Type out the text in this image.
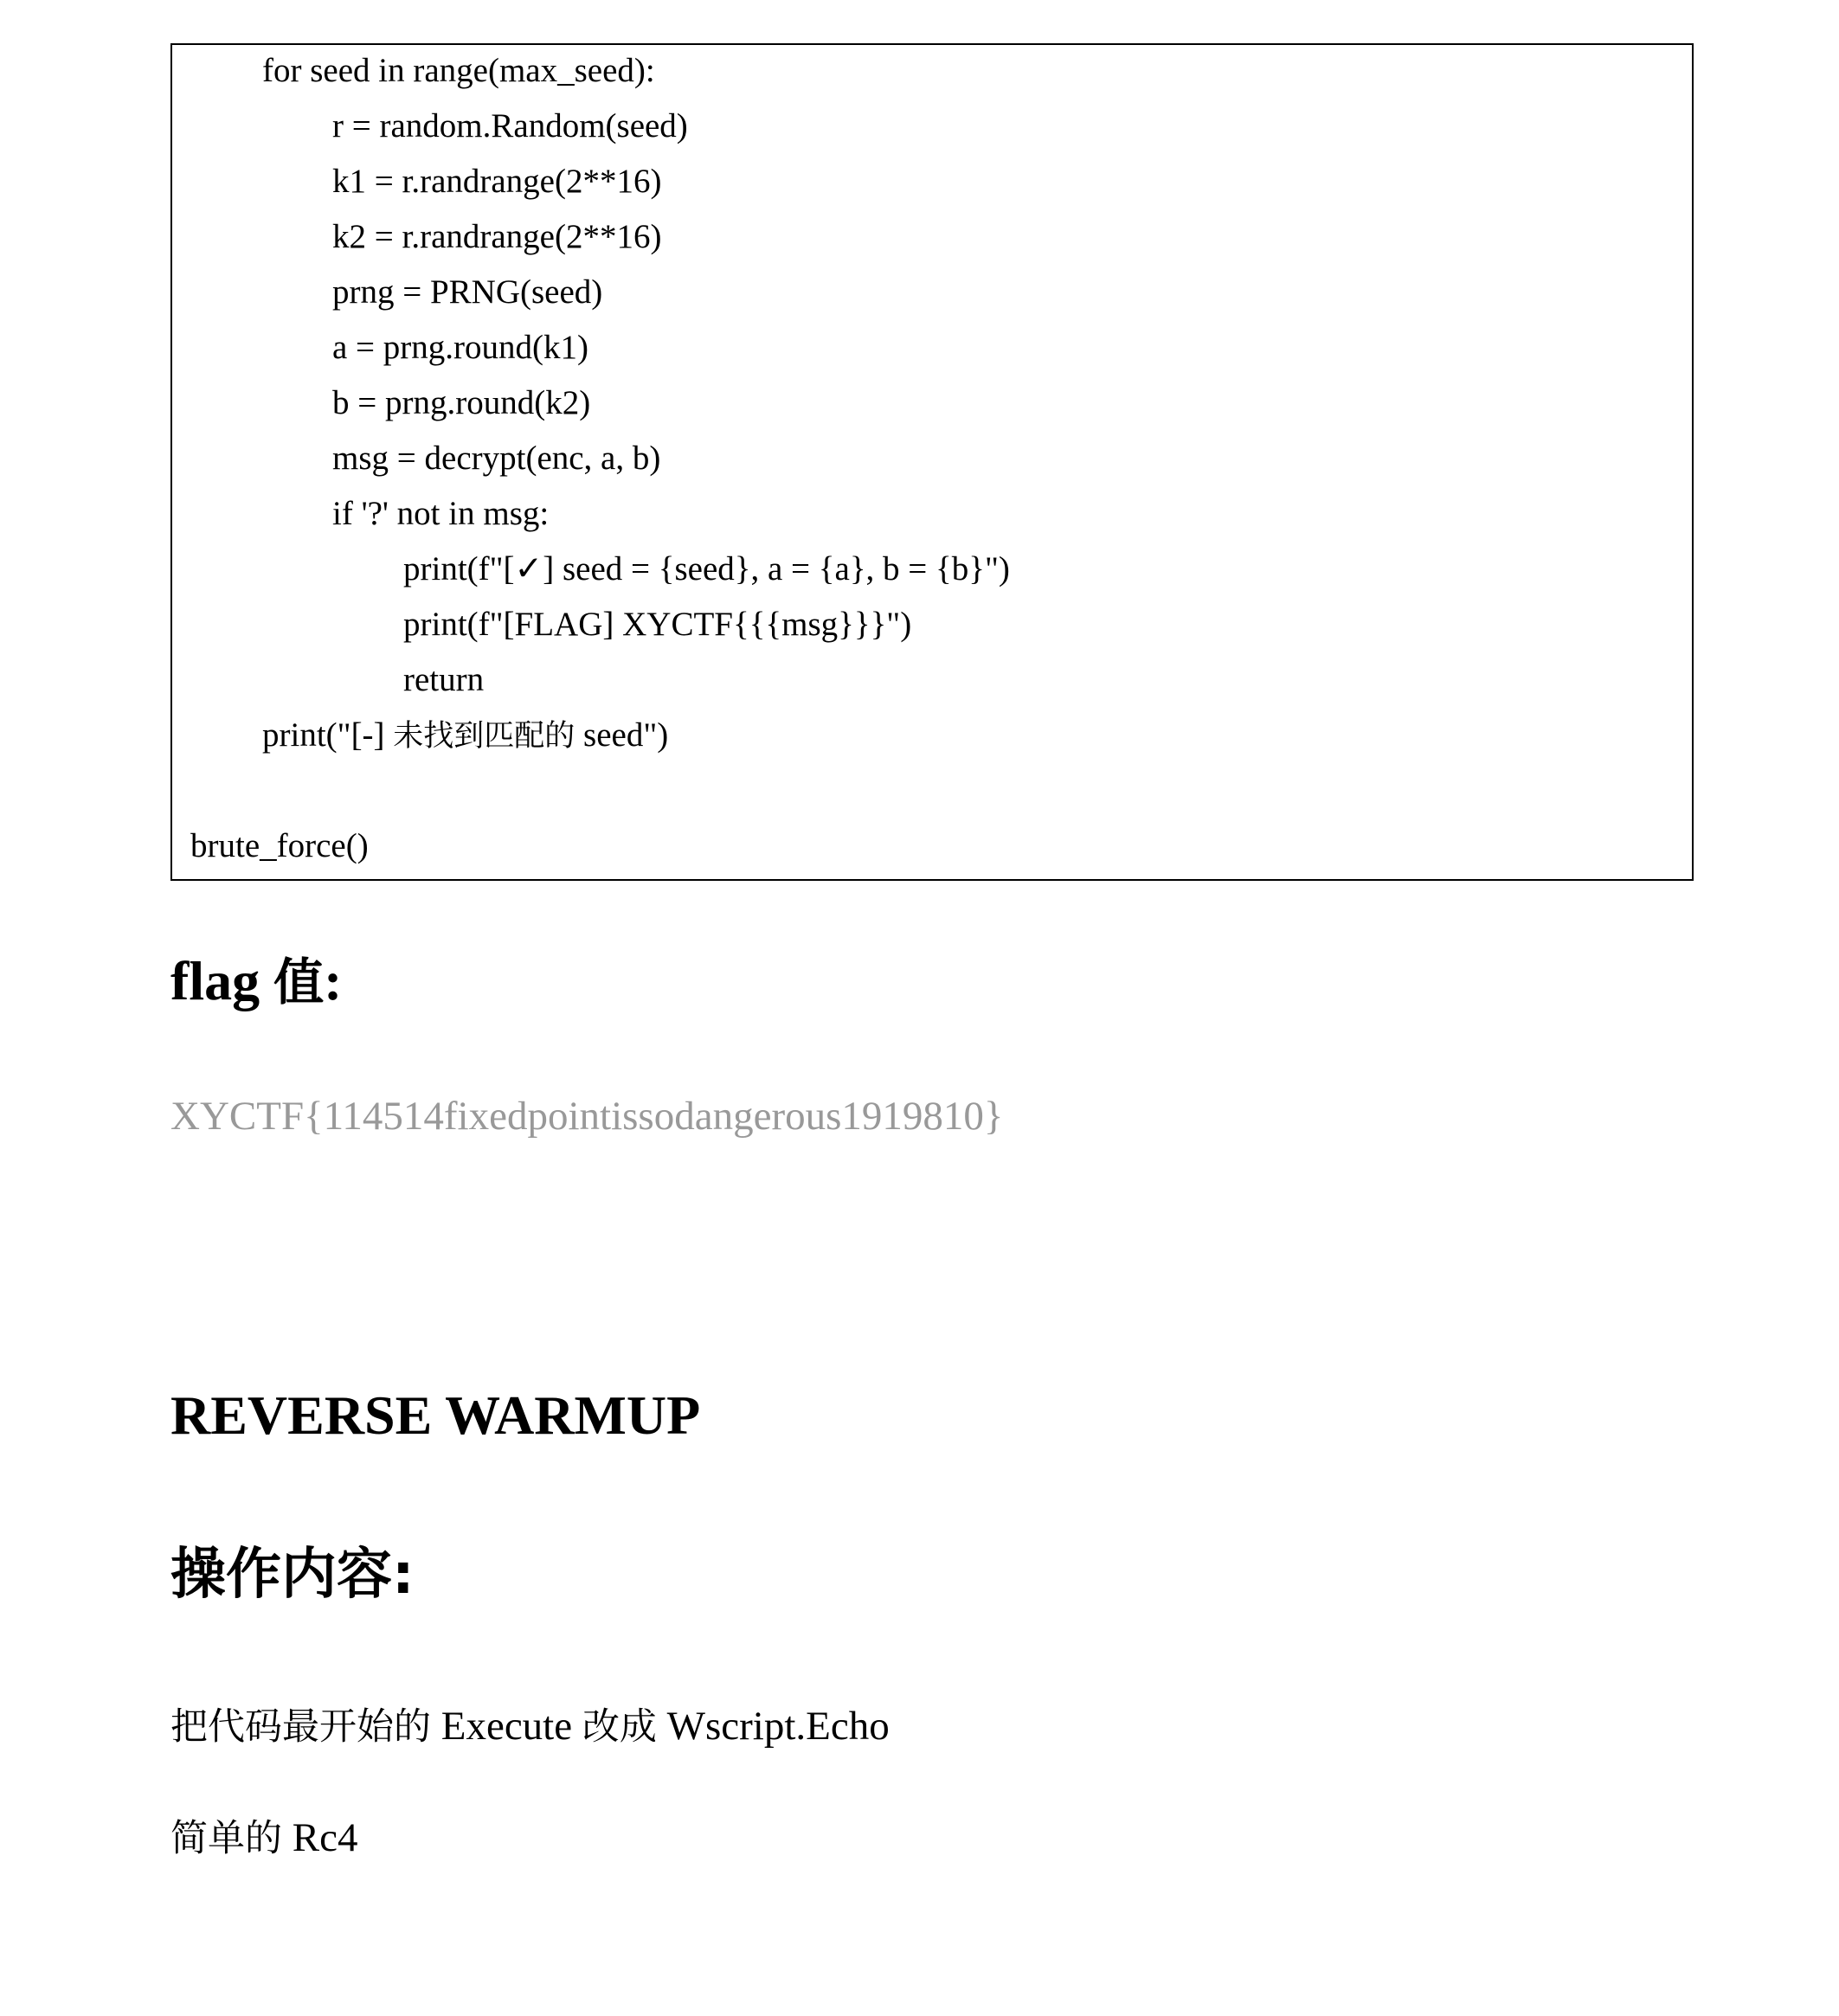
for seed in range(max_seed):
r = random.Random(seed)
k1 = r.randrange(2**16)
k2 = r.randrange(2**16)
prng = PRNG(seed)
a = prng.round(k1)
b = prng.round(k2)
msg = decrypt(enc, a, b)
if '?' not in msg:
print(f"[✓] seed = {seed}, a = {a}, b = {b}")
print(f"[FLAG] XYCTF{{{msg}}}")
return
print("[-] 未找到匹配的 seed")
brute_force()
flag 值:
XYCTF{114514fixedpointissodangerous1919810}
REVERSE WARMUP
操作内容:
把代码最开始的 Execute 改成 Wscript.Echo
简单的 Rc4
